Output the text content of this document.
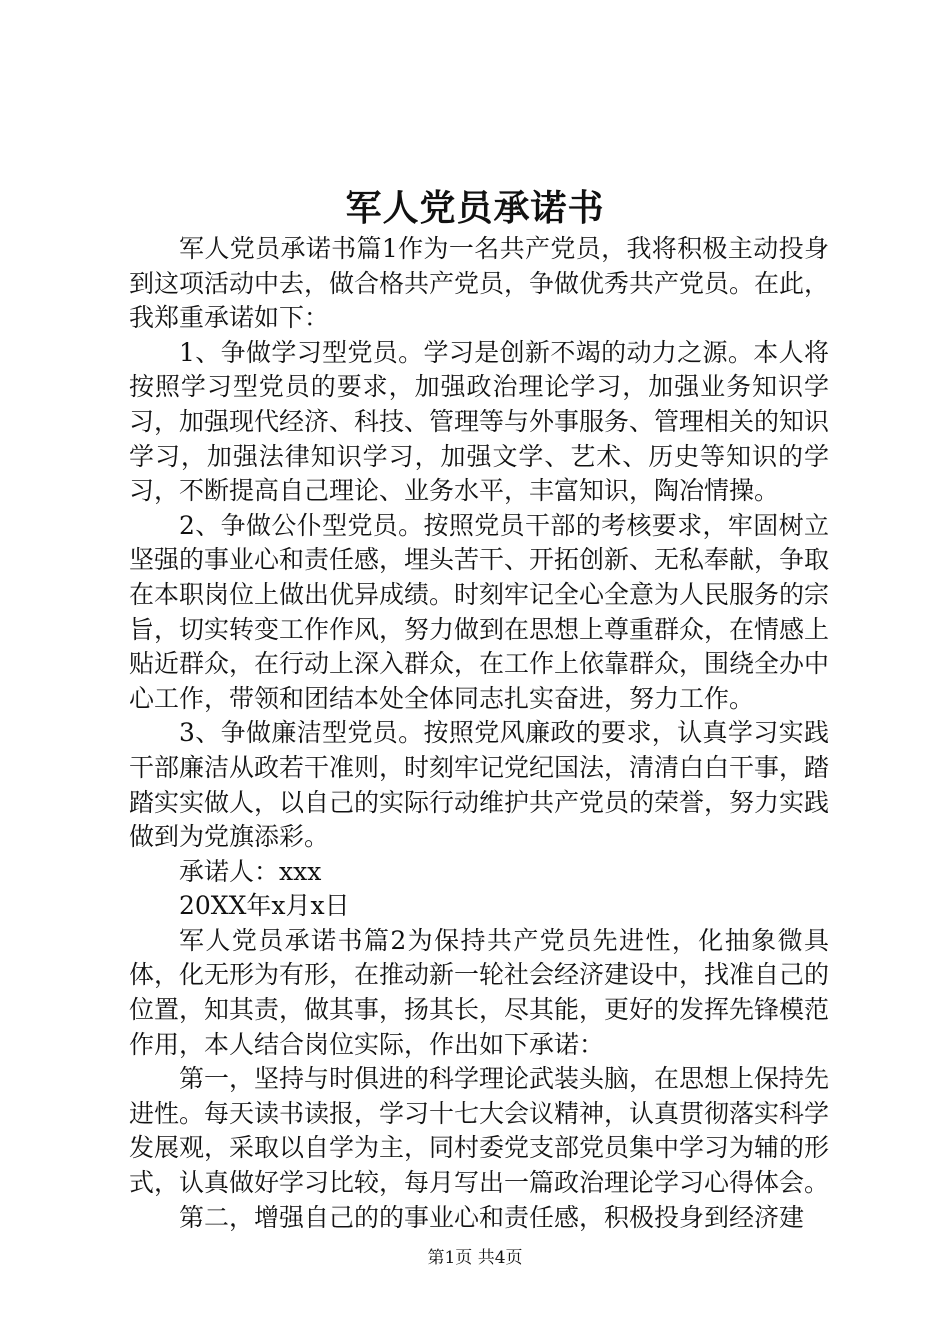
军人党员承诺书

军人党员承诺书篇1作为一名共产党员，我将积极主动投身到这项活动中去，做合格共产党员，争做优秀共产党员。在此，我郑重承诺如下：

1、争做学习型党员。学习是创新不竭的动力之源。本人将按照学习型党员的要求，加强政治理论学习，加强业务知识学习，加强现代经济、科技、管理等与外事服务、管理相关的知识学习，加强法律知识学习，加强文学、艺术、历史等知识的学习，不断提高自己理论、业务水平，丰富知识，陶冶情操。

2、争做公仆型党员。按照党员干部的考核要求，牢固树立坚强的事业心和责任感，埋头苦干、开拓创新、无私奉献，争取在本职岗位上做出优异成绩。时刻牢记全心全意为人民服务的宗旨，切实转变工作作风，努力做到在思想上尊重群众，在情感上贴近群众，在行动上深入群众，在工作上依靠群众，围绕全办中心工作，带领和团结本处全体同志扎实奋进，努力工作。

3、争做廉洁型党员。按照党风廉政的要求，认真学习实践干部廉洁从政若干准则，时刻牢记党纪国法，清清白白干事，踏踏实实做人，以自己的实际行动维护共产党员的荣誉，努力实践做到为党旗添彩。

承诺人：xxx

20XX年x月x日

军人党员承诺书篇2为保持共产党员先进性，化抽象微具体，化无形为有形，在推动新一轮社会经济建设中，找准自己的位置，知其责，做其事，扬其长，尽其能，更好的发挥先锋模范作用，本人结合岗位实际，作出如下承诺：

第一，坚持与时俱进的科学理论武装头脑，在思想上保持先进性。每天读书读报，学习十七大会议精神，认真贯彻落实科学发展观，采取以自学为主，同村委党支部党员集中学习为辅的形式，认真做好学习比较，每月写出一篇政治理论学习心得体会。

第二，增强自己的的事业心和责任感，积极投身到经济建

第1页 共4页
